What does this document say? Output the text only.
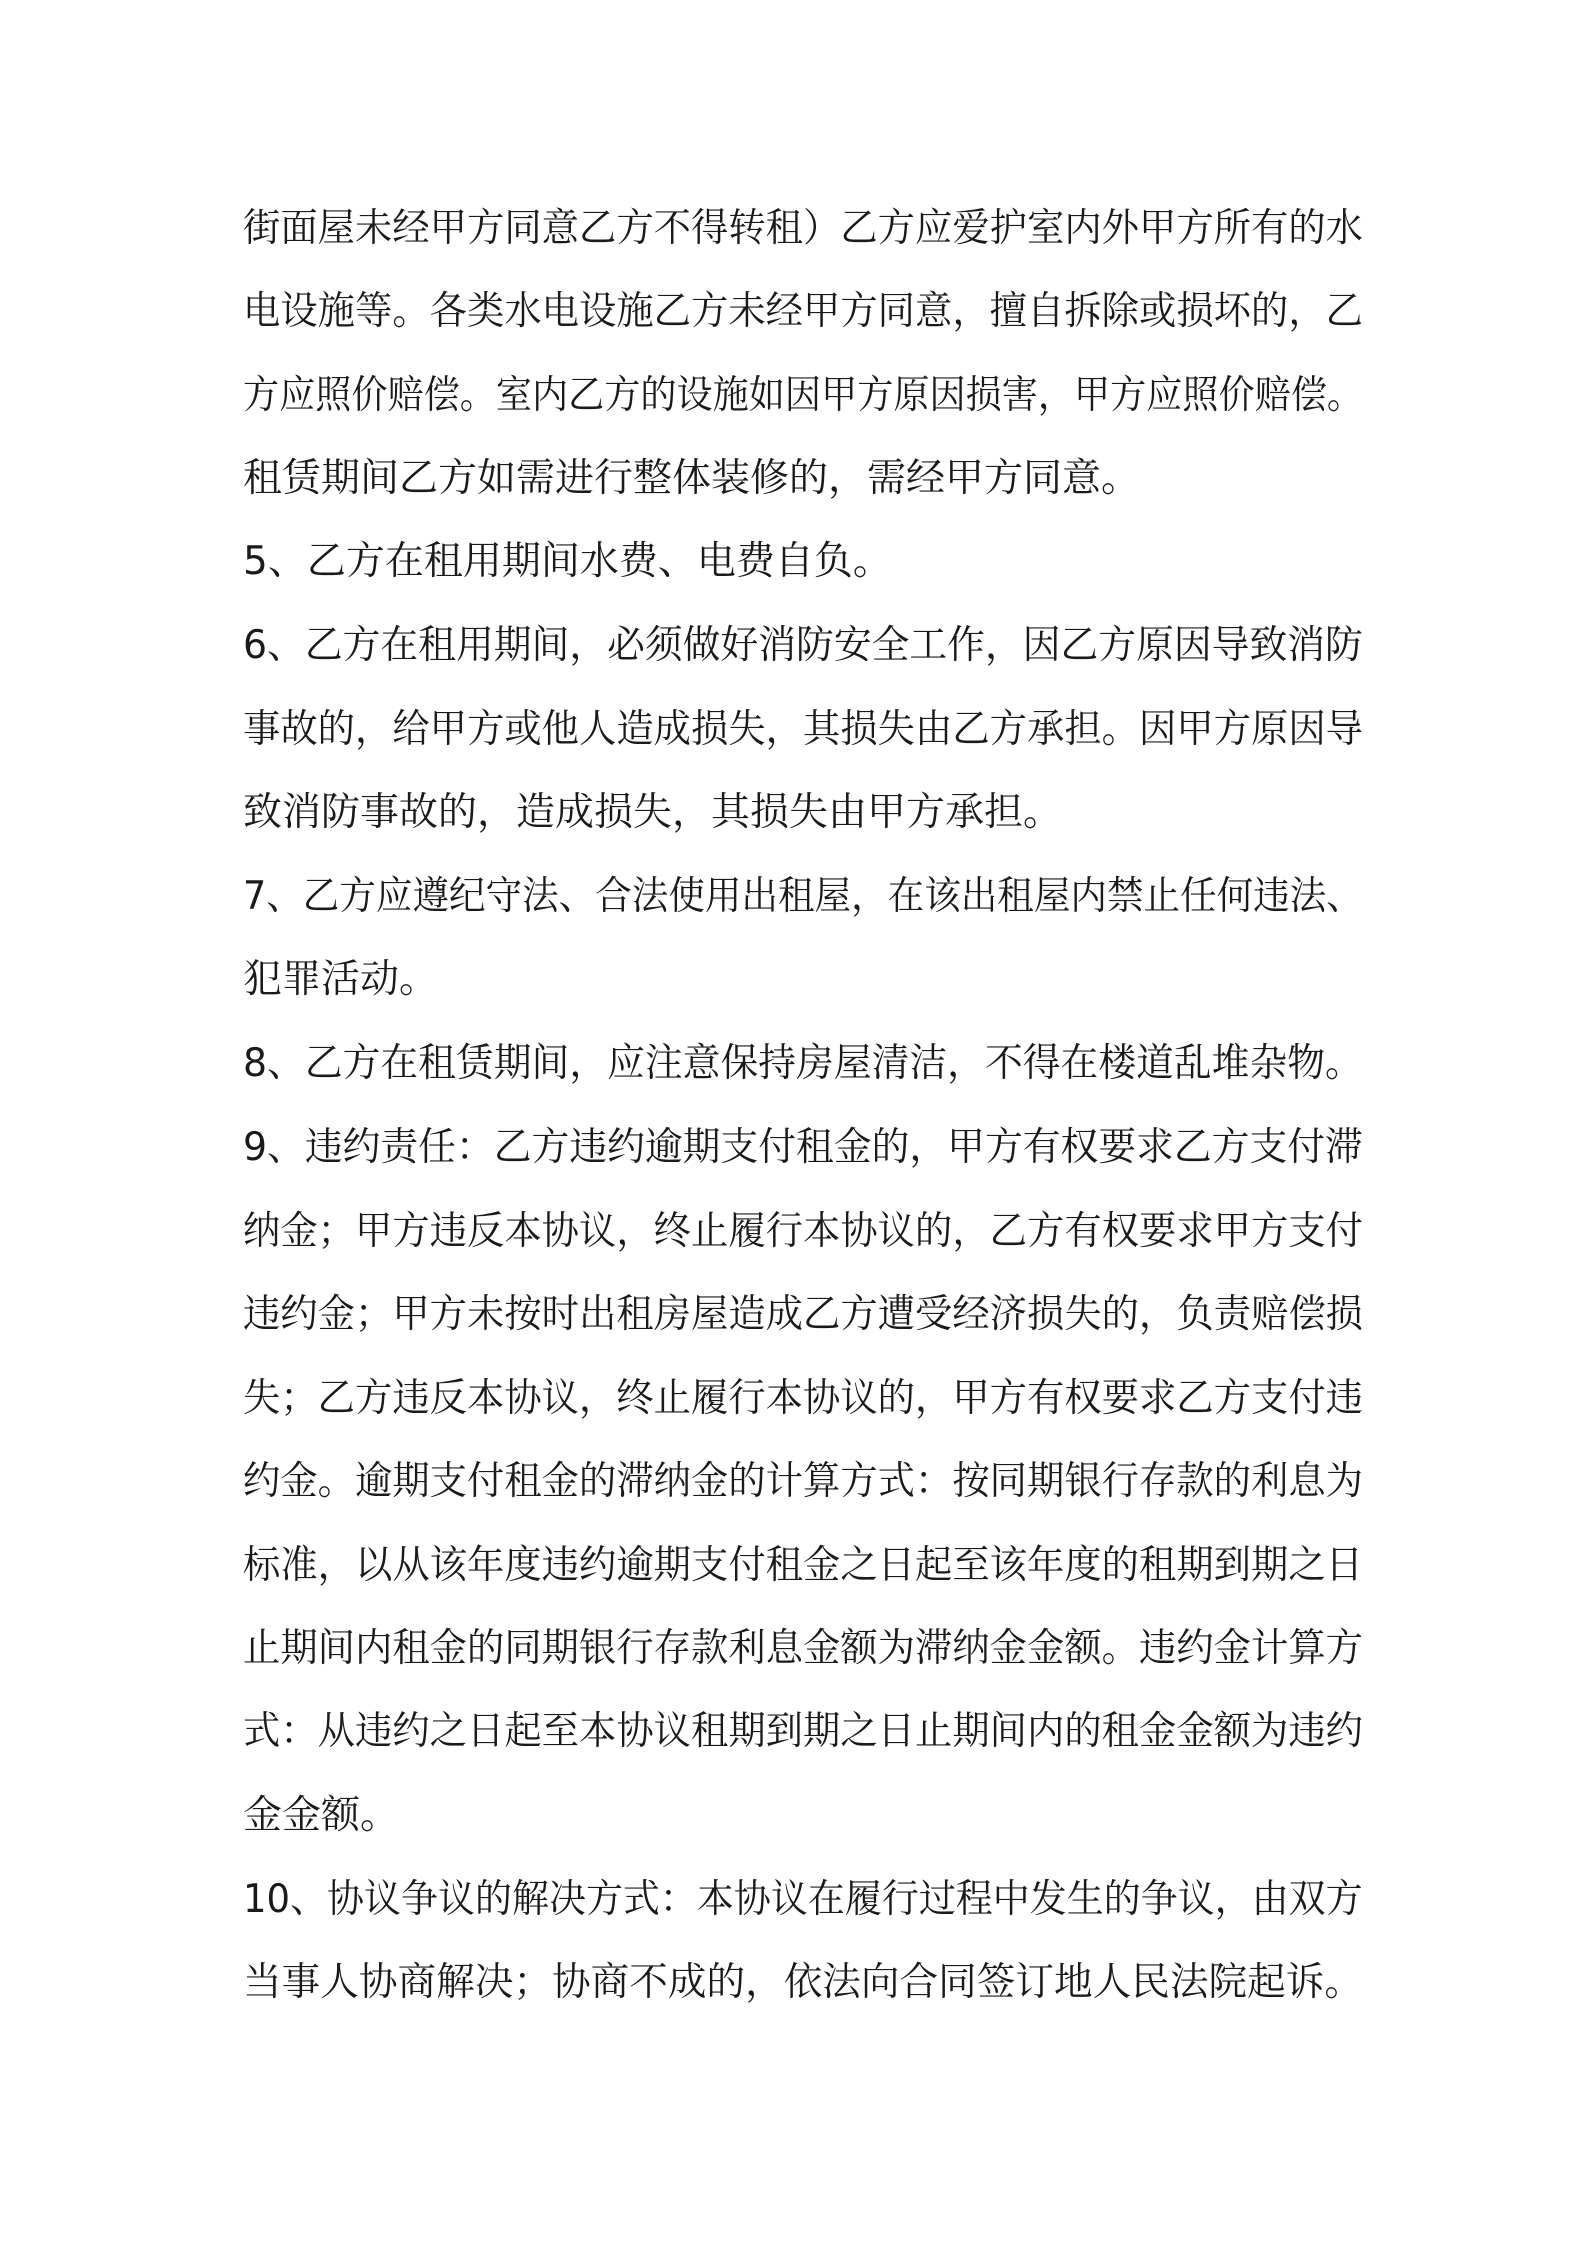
街面屋未经甲方同意乙方不得转租）乙方应爱护室内外甲方所有的水
电设施等。各类水电设施乙方未经甲方同意，擅自拆除或损坏的，乙
方应照价赔偿。室内乙方的设施如因甲方原因损害，甲方应照价赔偿。
租赁期间乙方如需进行整体装修的，需经甲方同意。
5、乙方在租用期间水费、电费自负。
6、乙方在租用期间，必须做好消防安全工作，因乙方原因导致消防
事故的，给甲方或他人造成损失，其损失由乙方承担。因甲方原因导
致消防事故的，造成损失，其损失由甲方承担。
7、乙方应遵纪守法、合法使用出租屋，在该出租屋内禁止任何违法、
犯罪活动。
8、乙方在租赁期间，应注意保持房屋清洁，不得在楼道乱堆杂物。
9、违约责任：乙方违约逾期支付租金的，甲方有权要求乙方支付滞
纳金；甲方违反本协议，终止履行本协议的，乙方有权要求甲方支付
违约金；甲方未按时出租房屋造成乙方遭受经济损失的，负责赔偿损
失；乙方违反本协议，终止履行本协议的，甲方有权要求乙方支付违
约金。逾期支付租金的滞纳金的计算方式：按同期银行存款的利息为
标准，以从该年度违约逾期支付租金之日起至该年度的租期到期之日
止期间内租金的同期银行存款利息金额为滞纳金金额。违约金计算方
式：从违约之日起至本协议租期到期之日止期间内的租金金额为违约
金金额。
10、协议争议的解决方式：本协议在履行过程中发生的争议，由双方
当事人协商解决；协商不成的，依法向合同签订地人民法院起诉。
